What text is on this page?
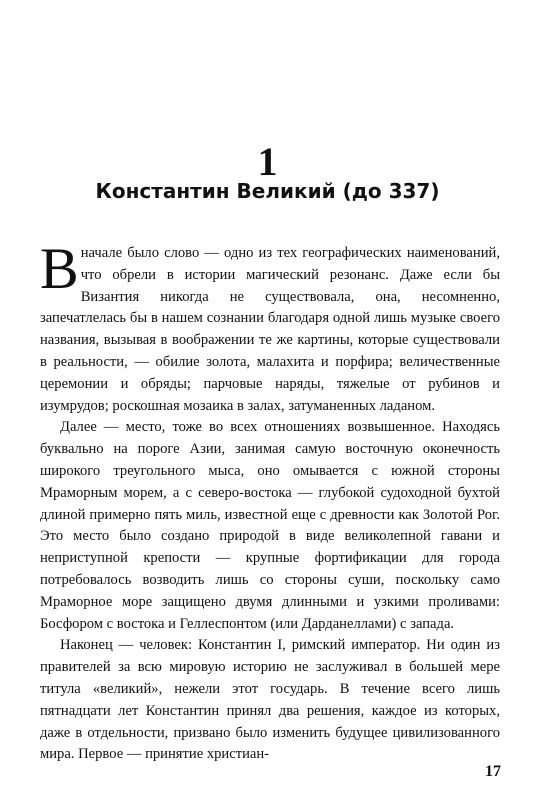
1
Константин Великий (до 337)

Вначале было слово — одно из тех географических наименований, что обрели в истории магический резонанс. Даже если бы Византия никогда не существовала, она, несомненно, запечатлелась бы в нашем сознании благодаря одной лишь музыке своего названия, вызывая в воображении те же картины, которые существовали в реальности, — обилие золота, малахита и порфира; величественные церемонии и обряды; парчовые наряды, тяжелые от рубинов и изумрудов; роскошная мозаика в залах, затуманенных ладаном.

Далее — место, тоже во всех отношениях возвышенное. Находясь буквально на пороге Азии, занимая самую восточную оконечность широкого треугольного мыса, оно омывается с южной стороны Мраморным морем, а с северо-востока — глубокой судоходной бухтой длиной примерно пять миль, известной еще с древности как Золотой Рог. Это место было создано природой в виде великолепной гавани и неприступной крепости — крупные фортификации для города потребовалось возводить лишь со стороны суши, поскольку само Мраморное море защищено двумя длинными и узкими проливами: Босфором с востока и Геллеспонтом (или Дарданеллами) с запада.

Наконец — человек: Константин I, римский император. Ни один из правителей за всю мировую историю не заслуживал в большей мере титула «великий», нежели этот государь. В течение всего лишь пятнадцати лет Константин принял два решения, каждое из которых, даже в отдельности, призвано было изменить будущее цивилизованного мира. Первое — принятие христиан-

17
